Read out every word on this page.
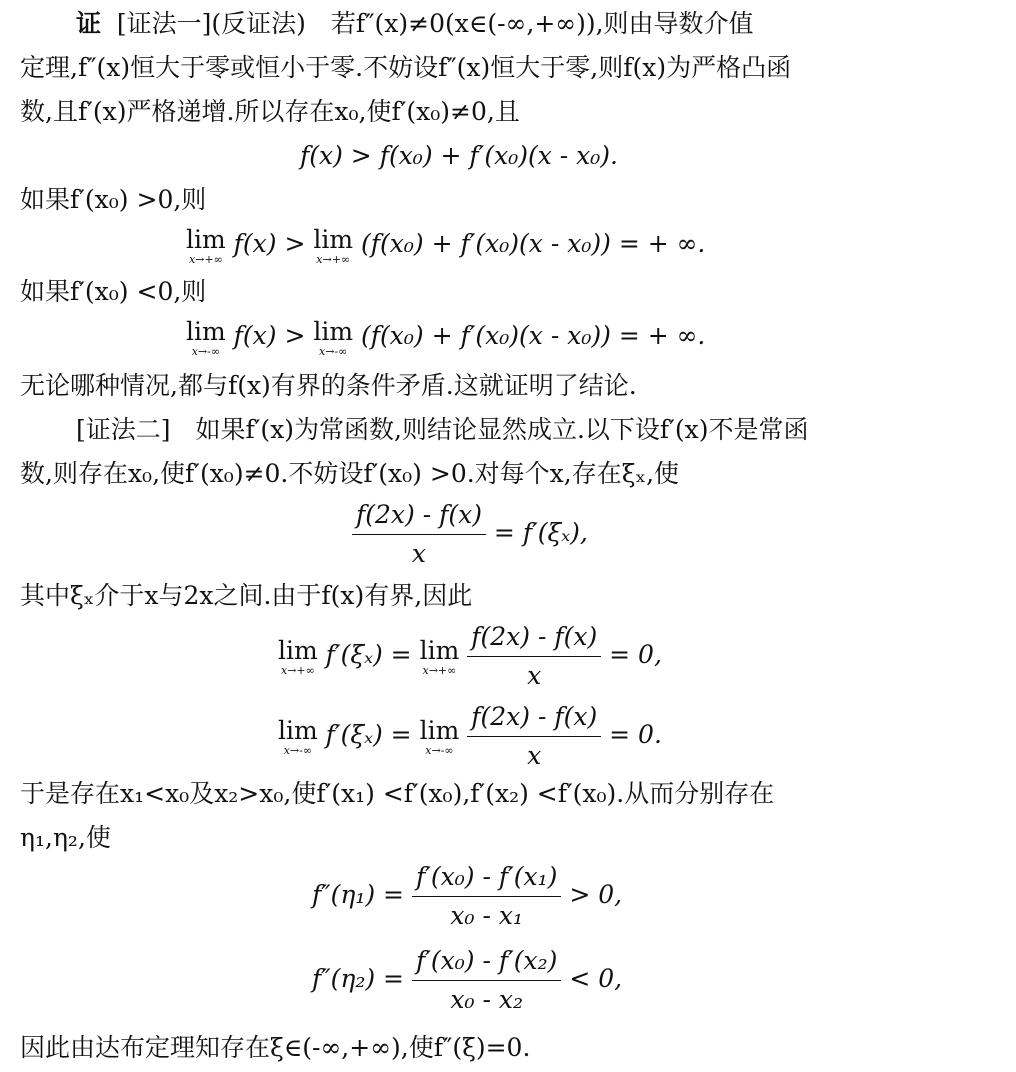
证 [证法一](反证法)　若f″(x)≠0(x∈(-∞,+∞)),则由导数介值
定理,f″(x)恒大于零或恒小于零.不妨设f″(x)恒大于零,则f(x)为严格凸函
数,且f′(x)严格递增.所以存在x₀,使f′(x₀)≠0,且
f(x) > f(x₀) + f′(x₀)(x - x₀).
如果f′(x₀) >0,则
lim
x→+∞
f(x) > lim
x→+∞
(f(x₀) + f′(x₀)(x - x₀)) = + ∞.
如果f′(x₀) <0,则
lim
x→-∞
f(x) > lim
x→-∞
(f(x₀) + f′(x₀)(x - x₀)) = + ∞.
无论哪种情况,都与f(x)有界的条件矛盾.这就证明了结论.
[证法二]　如果f′(x)为常函数,则结论显然成立.以下设f′(x)不是常函
数,则存在x₀,使f′(x₀)≠0.不妨设f′(x₀) >0.对每个x,存在ξₓ,使
$\frac{f(2x) - f(x)}{x} = f'(\xi_x)$,
其中ξₓ介于x与2x之间.由于f(x)有界,因此
lim
x→+∞
f′(ξₓ) = lim
x→+∞
$\frac{f(2x) - f(x)}{x} = 0$,
lim
x→-∞
f′(ξₓ) = lim
x→-∞
$\frac{f(2x) - f(x)}{x} = 0$.
于是存在x₁<x₀及x₂>x₀,使f′(x₁) <f′(x₀),f′(x₂) <f′(x₀).从而分别存在
η₁,η₂,使
$f''(\eta_1) = \frac{\text{f′(x₀) - f′(x₁)}}{\text{x₀ - x₁}} > 0$,
$f''(\eta_2) = \frac{\text{f′(x₀) - f′(x₂)}}{\text{x₀ - x₂}} < 0$,
因此由达布定理知存在ξ∈(-∞,+∞),使f″(ξ)=0.
